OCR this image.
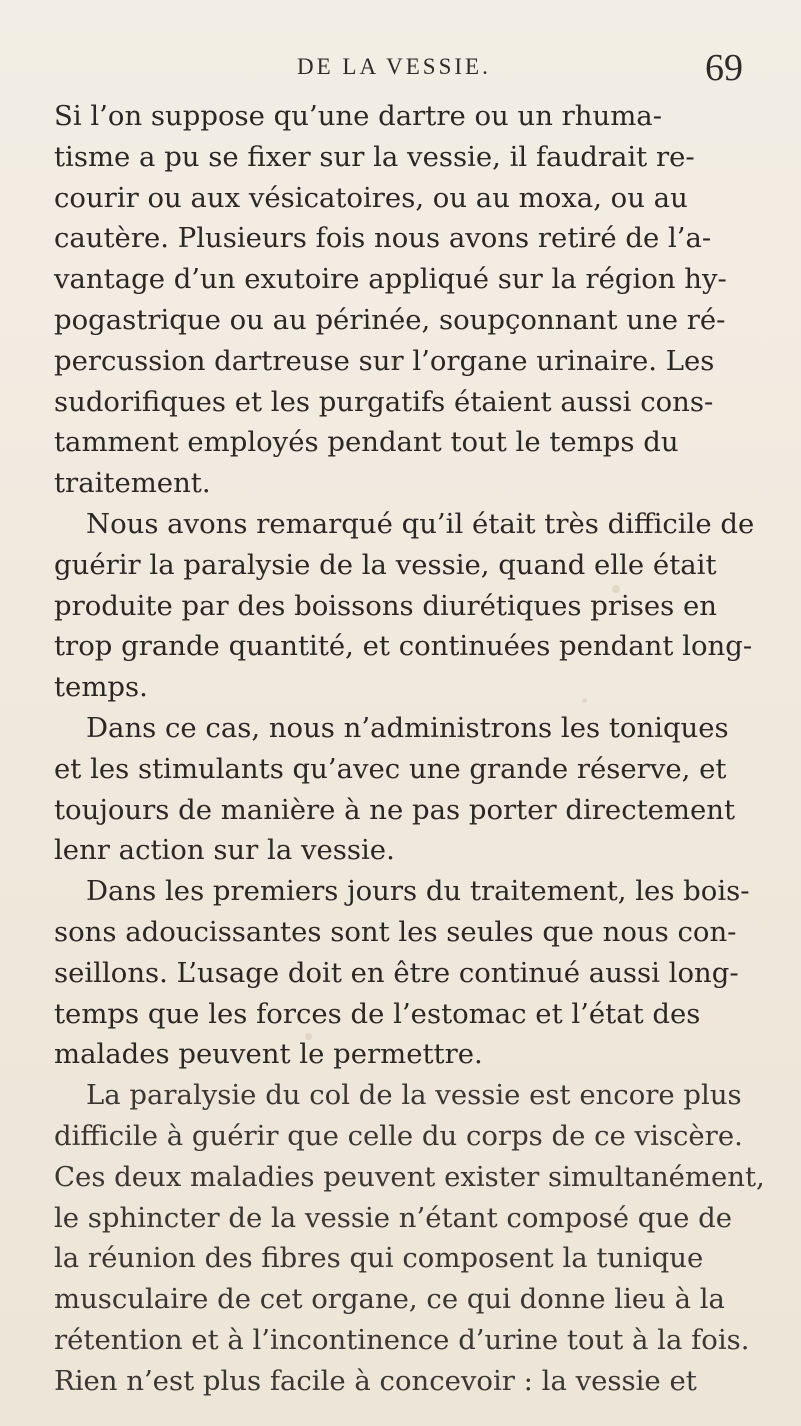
DE LA VESSIE.	69
Si l’on suppose qu’une dartre ou un rhuma-
tisme a pu se fixer sur la vessie, il faudrait re-
courir ou aux vésicatoires, ou au moxa, ou au
cautère. Plusieurs fois nous avons retiré de l’a-
vantage d’un exutoire appliqué sur la région hy-
pogastrique ou au périnée, soupçonnant une ré-
percussion dartreuse sur l’organe urinaire. Les
sudorifiques et les purgatifs étaient aussi cons-
tamment employés pendant tout le temps du
traitement.
Nous avons remarqué qu’il était très difficile de
guérir la paralysie de la vessie, quand elle était
produite par des boissons diurétiques prises en
trop grande quantité, et continuées pendant long-
temps.
Dans ce cas, nous n’administrons les toniques
et les stimulants qu’avec une grande réserve, et
toujours de manière à ne pas porter directement
lenr action sur la vessie.
Dans les premiers jours du traitement, les bois-
sons adoucissantes sont les seules que nous con-
seillons. L’usage doit en être continué aussi long-
temps que les forces de l’estomac et l’état des
malades peuvent le permettre.
La paralysie du col de la vessie est encore plus
difficile à guérir que celle du corps de ce viscère.
Ces deux maladies peuvent exister simultanément,
le sphincter de la vessie n’étant composé que de
la réunion des fibres qui composent la tunique
musculaire de cet organe, ce qui donne lieu à la
rétention et à l’incontinence d’urine tout à la fois.
Rien n’est plus facile à concevoir : la vessie et
